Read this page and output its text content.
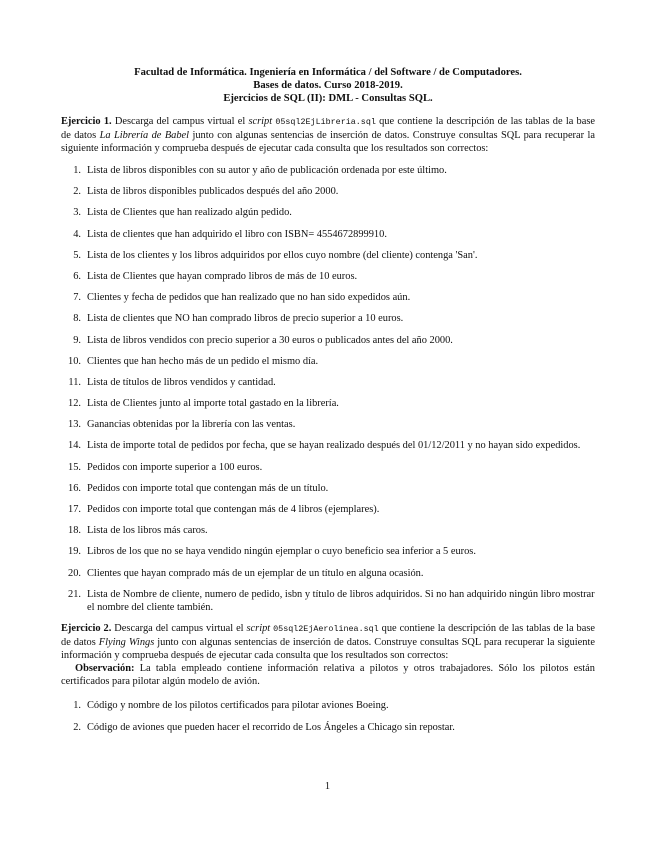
Facultad de Informática. Ingeniería en Informática / del Software / de Computadores.
Bases de datos. Curso 2018-2019.
Ejercicios de SQL (II): DML - Consultas SQL.
Ejercicio 1. Descarga del campus virtual el script 05sql2EjLibreria.sql que contiene la descripción de las tablas de la base de datos La Librería de Babel junto con algunas sentencias de inserción de datos. Construye consultas SQL para recuperar la siguiente información y comprueba después de ejecutar cada consulta que los resultados son correctos:
1. Lista de libros disponibles con su autor y año de publicación ordenada por este último.
2. Lista de libros disponibles publicados después del año 2000.
3. Lista de Clientes que han realizado algún pedido.
4. Lista de clientes que han adquirido el libro con ISBN= 4554672899910.
5. Lista de los clientes y los libros adquiridos por ellos cuyo nombre (del cliente) contenga 'San'.
6. Lista de Clientes que hayan comprado libros de más de 10 euros.
7. Clientes y fecha de pedidos que han realizado que no han sido expedidos aún.
8. Lista de clientes que NO han comprado libros de precio superior a 10 euros.
9. Lista de libros vendidos con precio superior a 30 euros o publicados antes del año 2000.
10. Clientes que han hecho más de un pedido el mismo día.
11. Lista de títulos de libros vendidos y cantidad.
12. Lista de Clientes junto al importe total gastado en la librería.
13. Ganancias obtenidas por la librería con las ventas.
14. Lista de importe total de pedidos por fecha, que se hayan realizado después del 01/12/2011 y no hayan sido expedidos.
15. Pedidos con importe superior a 100 euros.
16. Pedidos con importe total que contengan más de un título.
17. Pedidos con importe total que contengan más de 4 libros (ejemplares).
18. Lista de los libros más caros.
19. Libros de los que no se haya vendido ningún ejemplar o cuyo beneficio sea inferior a 5 euros.
20. Clientes que hayan comprado más de un ejemplar de un título en alguna ocasión.
21. Lista de Nombre de cliente, numero de pedido, isbn y título de libros adquiridos. Si no han adquirido ningún libro mostrar el nombre del cliente también.
Ejercicio 2. Descarga del campus virtual el script 05sql2EjAerolinea.sql que contiene la descripción de las tablas de la base de datos Flying Wings junto con algunas sentencias de inserción de datos. Construye consultas SQL para recuperar la siguiente información y comprueba después de ejecutar cada consulta que los resultados son correctos:
Observación: La tabla empleado contiene información relativa a pilotos y otros trabajadores. Sólo los pilotos están certificados para pilotar algún modelo de avión.
1. Código y nombre de los pilotos certificados para pilotar aviones Boeing.
2. Código de aviones que pueden hacer el recorrido de Los Ángeles a Chicago sin repostar.
1
